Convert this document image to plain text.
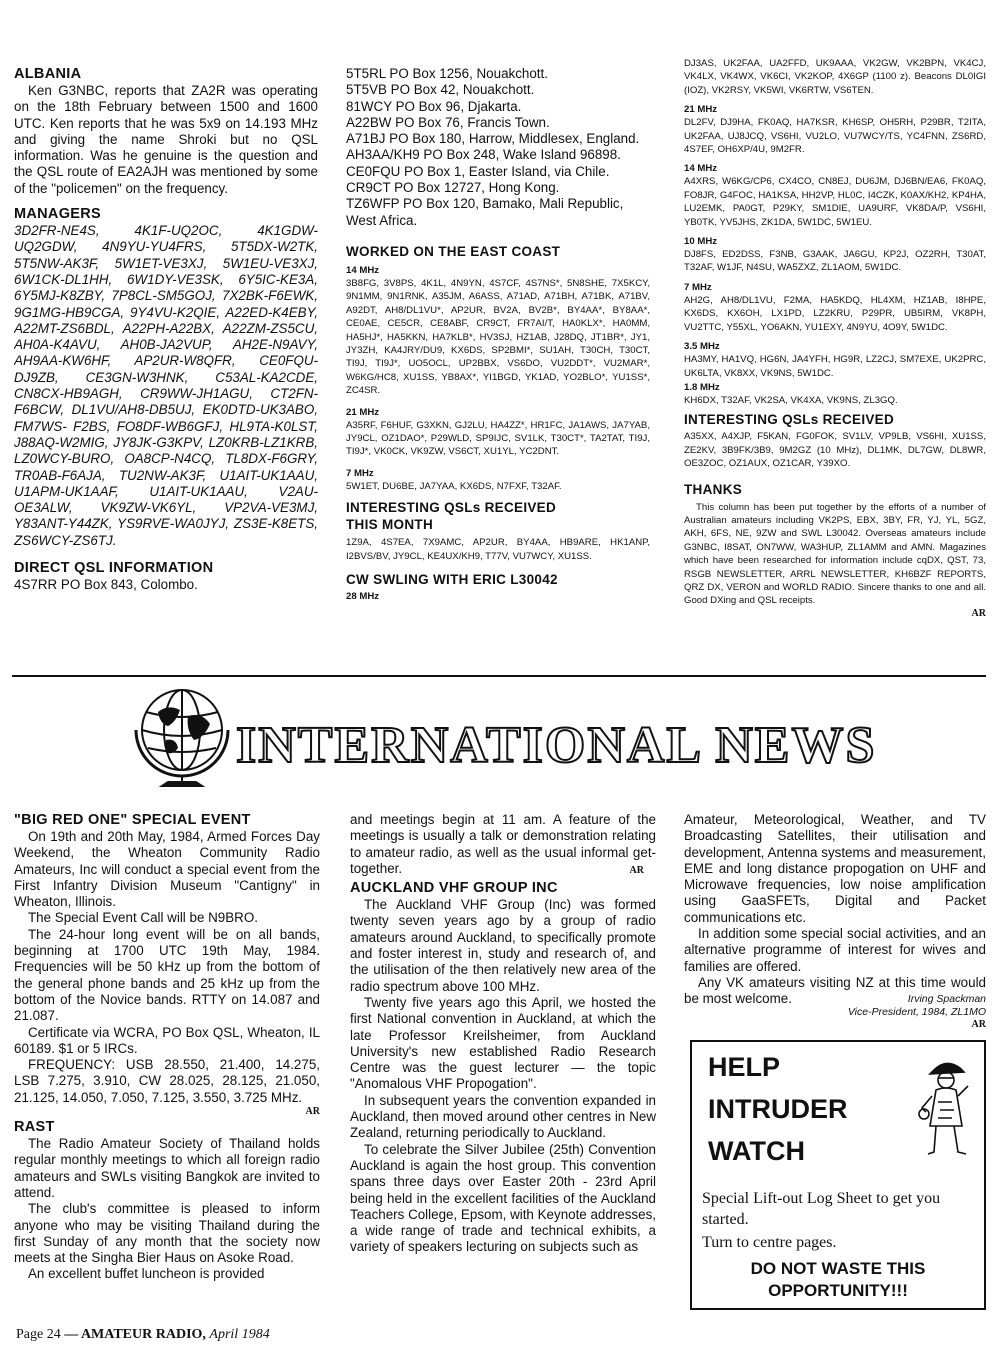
ALBANIA

Ken G3NBC, reports that ZA2R was operating on the 18th February between 1500 and 1600 UTC. Ken reports that he was 5x9 on 14.193 MHz and giving the name Shroki but no QSL information. Was he genuine is the question and the QSL route of EA2AJH was mentioned by some of the "policemen" on the frequency.

MANAGERS

3D2FR-NE4S, 4K1F-UQ2OC, 4K1GDW-UQ2GDW, 4N9YU-YU4FRS, 5T5DX-W2TK, 5T5NW-AK3F, 5W1ET-VE3XJ, 5W1EU-VE3XJ, 6W1CK-DL1HH, 6W1DY-VE3SK, 6Y5IC-KE3A, 6Y5MJ-K8ZBY, 7P8CL-SM5GOJ, 7X2BK-F6EWK, 9G1MG-HB9CGA, 9Y4VU-K2QIE, A22ED-K4EBY, A22MT-ZS6BDL, A22PH-A22BX, A22ZM-ZS5CU, AH0A-K4AVU, AH0B-JA2VUP, AH2E-N9AVY, AH9AA-KW6HF, AP2UR-W8QFR, CE0FQU-DJ9ZB, CE3GN-W3HNK, C53AL-KA2CDE, CN8CX-HB9AGH, CR9WW-JH1AGU, CT2FN-F6BCW, DL1VU/AH8-DB5UJ, EK0DTD-UK3ABO, FM7WS- F2BS, FO8DF-WB6GFJ, HL9TA-K0LST, J88AQ-W2MIG, JY8JK-G3KPV, LZ0KRB-LZ1KRB, LZ0WCY-BURO, OA8CP-N4CQ, TL8DX-F6GRY, TR0AB-F6AJA, TU2NW-AK3F, U1AIT-UK1AAU, U1APM-UK1AAF, U1AIT-UK1AAU, V2AU-OE3ALW, VK9ZW-VK6YL, VP2VA-VE3MJ, Y83ANT-Y44ZK, YS9RVE-WA0JYJ, ZS3E-K8ETS, ZS6WCY-ZS6TJ.

DIRECT QSL INFORMATION

4S7RR PO Box 843, Colombo.

5T5RL PO Box 1256, Nouakchott.

5T5VB PO Box 42, Nouakchott.

81WCY PO Box 96, Djakarta.

A22BW PO Box 76, Francis Town.

A71BJ PO Box 180, Harrow, Middlesex, England.

AH3AA/KH9 PO Box 248, Wake Island 96898.

CE0FQU PO Box 1, Easter Island, via Chile.

CR9CT PO Box 12727, Hong Kong.

TZ6WFP PO Box 120, Bamako, Mali Republic, West Africa.

WORKED ON THE EAST COAST

14 MHz

3B8FG, 3V8PS, 4K1L, 4N9YN, 4S7CF, 4S7NS*, 5N8SHE, 7X5KCY, 9N1MM, 9N1RNK, A35JM, A6ASS, A71AD, A71BH, A71BK, A71BV, A92DT, AH8/DL1VU*, AP2UR, BV2A, BV2B*, BY4AA*, BY8AA*, CE0AE, CE5CR, CE8ABF, CR9CT, FR7AI/T, HA0KLX*, HA0MM, HA5HJ*, HA5KKN, HA7KLB*, HV3SJ, HZ1AB, J28DQ, JT1BR*, JY1, JY3ZH, KA4JRY/DU9, KX6DS, SP2BMI*, SU1AH, T30CH, T30CT, TI9J, TI9J*, UO5OCL, UP2BBX, VS6DO, VU2DDT*, VU2MAR*, W6KG/HC8, XU1SS, YB8AX*, YI1BGD, YK1AD, YO2BLO*, YU1SS*, ZC4SR.

21 MHz

A35RF, F6HUF, G3XKN, GJ2LU, HA4ZZ*, HR1FC, JA1AWS, JA7YAB, JY9CL, OZ1DAO*, P29WLD, SP9IJC, SV1LK, T30CT*, TA2TAT, TI9J, TI9J*, VK0CK, VK9ZW, VS6CT, XU1YL, YC2DNT.

7 MHz

5W1ET, DU6BE, JA7YAA, KX6DS, N7FXF, T32AF.

INTERESTING QSLs RECEIVED THIS MONTH

1Z9A, 4S7EA, 7X9AMC, AP2UR, BY4AA, HB9ARE, HK1ANP, I2BVS/BV, JY9CL, KE4UX/KH9, T77V, VU7WCY, XU1SS.

CW SWLING WITH ERIC L30042

28 MHz

DJ3AS, UK2FAA, UA2FFD, UK9AAA, VK2GW, VK2BPN, VK4CJ, VK4LX, VK4WX, VK6CI, VK2KOP, 4X6GP (1100 z). Beacons DL0IGI (IOZ), VK2RSY, VK5WI, VK6RTW, VS6TEN.

21 MHz

DL2FV, DJ9HA, FK0AQ, HA7KSR, KH6SP, OH5RH, P29BR, T2ITA, UK2FAA, UJ8JCQ, VS6HI, VU2LO, VU7WCY/TS, YC4FNN, ZS6RD, 4S7EF, OH6XP/4U, 9M2FR.

14 MHz

A4XRS, W6KG/CP6, CX4CO, CN8EJ, DU6JM, DJ6BN/EA6, FK0AQ, FO8JR, G4FOC, HA1KSA, HH2VP, HL0C, I4CZK, K0AX/KH2, KP4HA, LU2EMK, PA0GT, P29KY, SM1DIE, UA9URF, VK8DA/P, VS6HI, YB0TK, YV5JHS, ZK1DA, 5W1DC, 5W1EU.

10 MHz

DJ8FS, ED2DSS, F3NB, G3AAK, JA6GU, KP2J, OZ2RH, T30AT, T32AF, W1JF, N4SU, WA5ZXZ, ZL1AOM, 5W1DC.

7 MHz

AH2G, AH8/DL1VU, F2MA, HA5KDQ, HL4XM, HZ1AB, I8HPE, KX6DS, KX6OH, LX1PD, LZ2KRU, P29PR, UB5IRM, VK8PH, VU2TTC, Y55XL, YO6AKN, YU1EXY, 4N9YU, 4O9Y, 5W1DC.

3.5 MHz

HA3MY, HA1VQ, HG6N, JA4YFH, HG9R, LZ2CJ, SM7EXE, UK2PRC, UK6LTA, VK8XX, VK9NS, 5W1DC.

1.8 MHz

KH6DX, T32AF, VK2SA, VK4XA, VK9NS, ZL3GQ.

INTERESTING QSLs RECEIVED

A35XX, A4XJP, F5KAN, FG0FOK, SV1LV, VP9LB, VS6HI, XU1SS, ZE2KV, 3B9FK/3B9, 9M2GZ (10 MHz), DL1MK, DL7GW, DL8WR, OE3ZOC, OZ1AUX, OZ1CAR, Y39XO.

THANKS

This column has been put together by the efforts of a number of Australian amateurs including VK2PS, EBX, 3BY, FR, YJ, YL, 5GZ, AKH, 6FS, NE, 9ZW and SWL L30042. Overseas amateurs include G3NBC, I8SAT, ON7WW, WA3HUP, ZL1AMM and AMN. Magazines which have been researched for information include cqDX, QST, 73, RSGB NEWSLETTER, ARRL NEWSLETTER, KH6BZF REPORTS, QRZ DX, VERON and WORLD RADIO. Sincere thanks to one and all. Good DXing and QSL receipts.

AR

INTERNATIONAL NEWS

"BIG RED ONE" SPECIAL EVENT

On 19th and 20th May, 1984, Armed Forces Day Weekend, the Wheaton Community Radio Amateurs, Inc will conduct a special event from the First Infantry Division Museum "Cantigny" in Wheaton, Illinois.

The Special Event Call will be N9BRO.

The 24-hour long event will be on all bands, beginning at 1700 UTC 19th May, 1984. Frequencies will be 50 kHz up from the bottom of the general phone bands and 25 kHz up from the bottom of the Novice bands. RTTY on 14.087 and 21.087.

Certificate via WCRA, PO Box QSL, Wheaton, IL 60189. $1 or 5 IRCs.

FREQUENCY: USB 28.550, 21.400, 14.275, LSB 7.275, 3.910, CW 28.025, 28.125, 21.050, 21.125, 14.050, 7.050, 7.125, 3.550, 3.725 MHz.

AR

RAST

The Radio Amateur Society of Thailand holds regular monthly meetings to which all foreign radio amateurs and SWLs visiting Bangkok are invited to attend.

The club's committee is pleased to inform anyone who may be visiting Thailand during the first Sunday of any month that the society now meets at the Singha Bier Haus on Asoke Road.

An excellent buffet luncheon is provided

and meetings begin at 11 am. A feature of the meetings is usually a talk or demonstration relating to amateur radio, as well as the usual informal get-together.	AR

AUCKLAND VHF GROUP INC

The Auckland VHF Group (Inc) was formed twenty seven years ago by a group of radio amateurs around Auckland, to specifically promote and foster interest in, study and research of, and the utilisation of the then relatively new area of the radio spectrum above 100 MHz.

Twenty five years ago this April, we hosted the first National convention in Auckland, at which the late Professor Kreilsheimer, from Auckland University's new established Radio Research Centre was the guest lecturer — the topic "Anomalous VHF Propogation".

In subsequent years the convention expanded in Auckland, then moved around other centres in New Zealand, returning periodically to Auckland.

To celebrate the Silver Jubilee (25th) Convention Auckland is again the host group. This convention spans three days over Easter 20th - 23rd April being held in the excellent facilities of the Auckland Teachers College, Epsom, with Keynote addresses, a wide range of trade and technical exhibits, a variety of speakers lecturing on subjects such as

Amateur, Meteorological, Weather, and TV Broadcasting Satellites, their utilisation and development, Antenna systems and measurement, EME and long distance propogation on UHF and Microwave frequencies, low noise amplification using GaaSFETs, Digital and Packet communications etc.

In addition some special social activities, and an alternative programme of interest for wives and families are offered.

Any VK amateurs visiting NZ at this time would be most welcome.	Irving Spackman

Vice-President, 1984, ZL1MO

AR

HELP
INTRUDER
WATCH
Special Lift-out Log Sheet to get you started.
Turn to centre pages.
DO NOT WASTE THIS
OPPORTUNITY!!!
Page 24 — AMATEUR RADIO, April 1984
